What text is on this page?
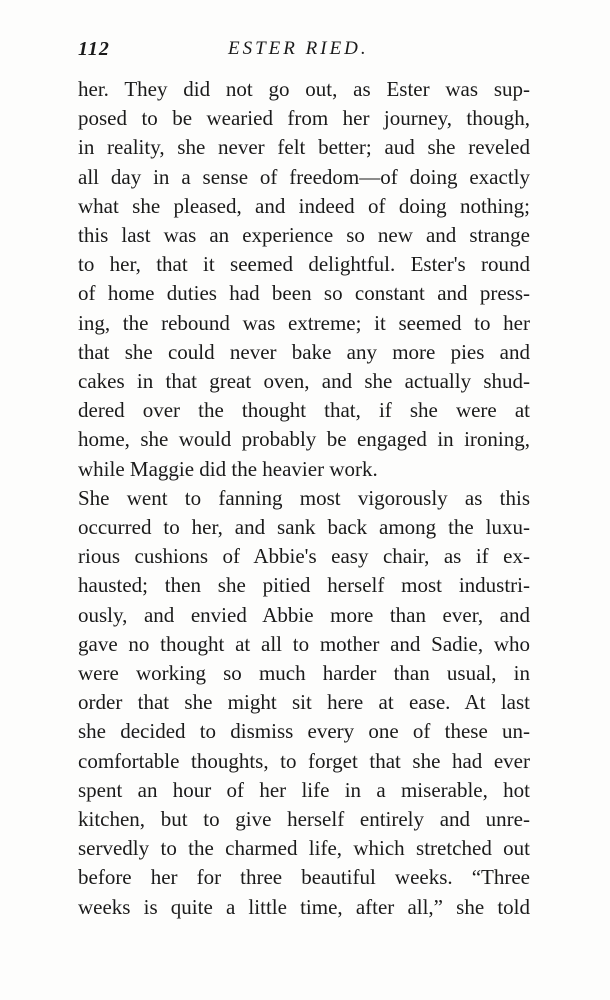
112	ESTER RIED.
her. They did not go out, as Ester was sup-
posed to be wearied from her journey, though,
in reality, she never felt better; aud she reveled
all day in a sense of freedom—of doing exactly
what she pleased, and indeed of doing nothing;
this last was an experience so new and strange
to her, that it seemed delightful. Ester's round
of home duties had been so constant and press-
ing, the rebound was extreme; it seemed to her
that she could never bake any more pies and
cakes in that great oven, and she actually shud-
dered over the thought that, if she were at
home, she would probably be engaged in ironing,
while Maggie did the heavier work.
She went to fanning most vigorously as this
occurred to her, and sank back among the luxu-
rious cushions of Abbie's easy chair, as if ex-
hausted; then she pitied herself most industri-
ously, and envied Abbie more than ever, and
gave no thought at all to mother and Sadie, who
were working so much harder than usual, in
order that she might sit here at ease. At last
she decided to dismiss every one of these un-
comfortable thoughts, to forget that she had ever
spent an hour of her life in a miserable, hot
kitchen, but to give herself entirely and unre-
servedly to the charmed life, which stretched out
before her for three beautiful weeks. “Three
weeks is quite a little time, after all,” she told
